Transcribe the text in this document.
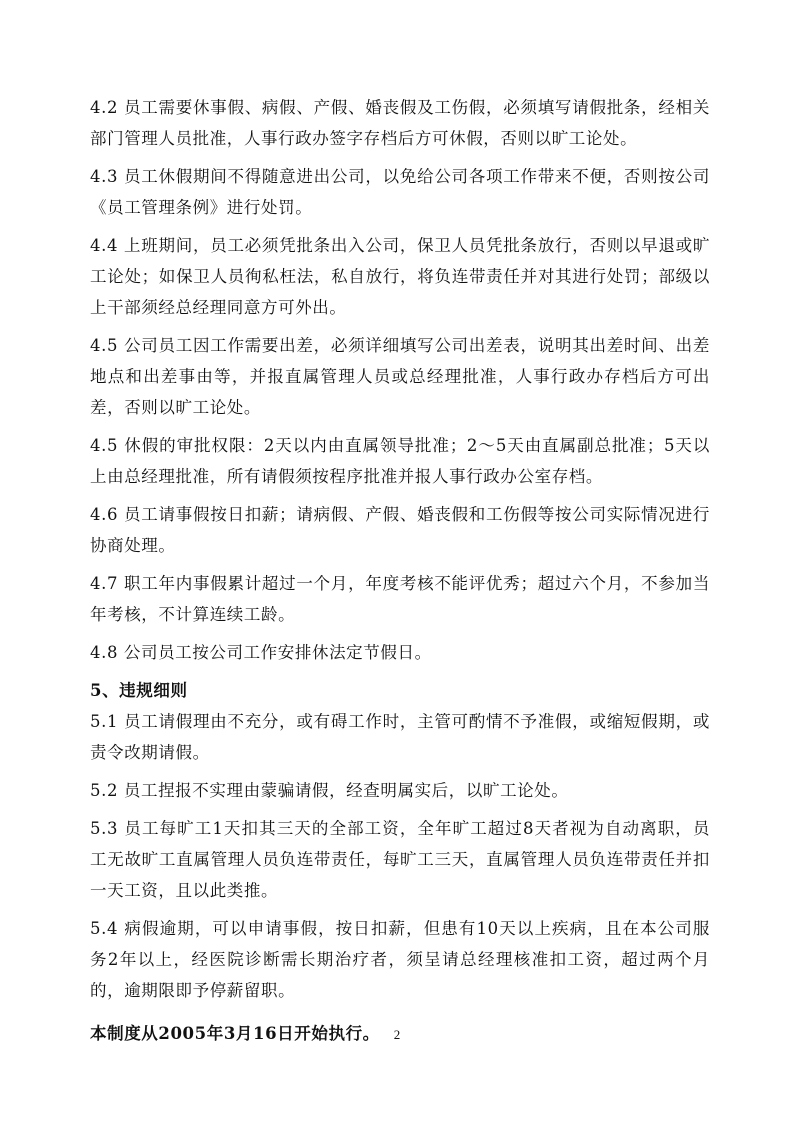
4.2 员工需要休事假、病假、产假、婚丧假及工伤假，必须填写请假批条，经相关部门管理人员批准，人事行政办签字存档后方可休假，否则以旷工论处。

4.3 员工休假期间不得随意进出公司，以免给公司各项工作带来不便，否则按公司《员工管理条例》进行处罚。

4.4 上班期间，员工必须凭批条出入公司，保卫人员凭批条放行，否则以早退或旷工论处；如保卫人员徇私枉法，私自放行，将负连带责任并对其进行处罚；部级以上干部须经总经理同意方可外出。

4.5 公司员工因工作需要出差，必须详细填写公司出差表，说明其出差时间、出差地点和出差事由等，并报直属管理人员或总经理批准，人事行政办存档后方可出差，否则以旷工论处。

4.5 休假的审批权限：2天以内由直属领导批准；2～5天由直属副总批准；5天以上由总经理批准，所有请假须按程序批准并报人事行政办公室存档。

4.6 员工请事假按日扣薪；请病假、产假、婚丧假和工伤假等按公司实际情况进行协商处理。

4.7 职工年内事假累计超过一个月，年度考核不能评优秀；超过六个月，不参加当年考核，不计算连续工龄。

4.8 公司员工按公司工作安排休法定节假日。

5、违规细则

5.1 员工请假理由不充分，或有碍工作时，主管可酌情不予准假，或缩短假期，或责令改期请假。

5.2 员工捏报不实理由蒙骗请假，经查明属实后，以旷工论处。

5.3 员工每旷工1天扣其三天的全部工资，全年旷工超过8天者视为自动离职，员工无故旷工直属管理人员负连带责任，每旷工三天，直属管理人员负连带责任并扣一天工资，且以此类推。

5.4 病假逾期，可以申请事假，按日扣薪，但患有10天以上疾病，且在本公司服务2年以上，经医院诊断需长期治疗者，须呈请总经理核准扣工资，超过两个月的，逾期限即予停薪留职。

本制度从2005年3月16日开始执行。	2
